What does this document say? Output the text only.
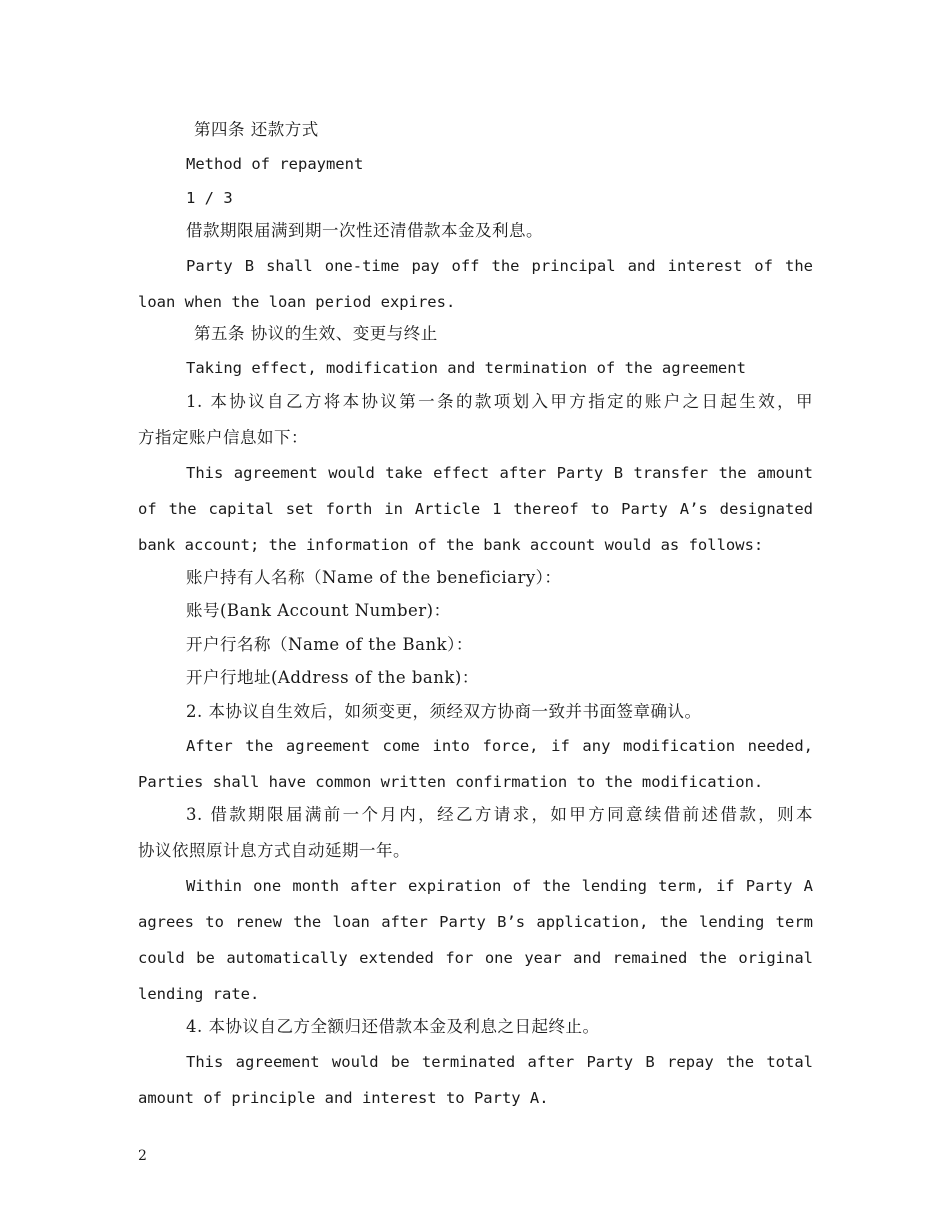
第四条 还款方式
Method of repayment
1 / 3
借款期限届满到期一次性还清借款本金及利息。
Party B shall one-time pay off the principal and interest of the
loan when the loan period expires.
第五条 协议的生效、变更与终止
Taking effect, modification and termination of the agreement
1. 本协议自乙方将本协议第一条的款项划入甲方指定的账户之日起生效，甲
方指定账户信息如下：
This agreement would take effect after Party B transfer the amount
of the capital set forth in Article 1 thereof to Party A’s designated
bank account; the information of the bank account would as follows:
账户持有人名称（Name of the beneficiary）：
账号(Bank Account Number)：
开户行名称（Name of the Bank）：
开户行地址(Address of the bank)：
2. 本协议自生效后，如须变更，须经双方协商一致并书面签章确认。
After the agreement come into force, if any modification needed,
Parties shall have common written confirmation to the modification.
3. 借款期限届满前一个月内，经乙方请求，如甲方同意续借前述借款，则本
协议依照原计息方式自动延期一年。
Within one month after expiration of the lending term, if Party A
agrees to renew the loan after Party B’s application, the lending term
could be automatically extended for one year and remained the original
lending rate.
4. 本协议自乙方全额归还借款本金及利息之日起终止。
This agreement would be terminated after Party B repay the total
amount of principle and interest to Party A.
2
